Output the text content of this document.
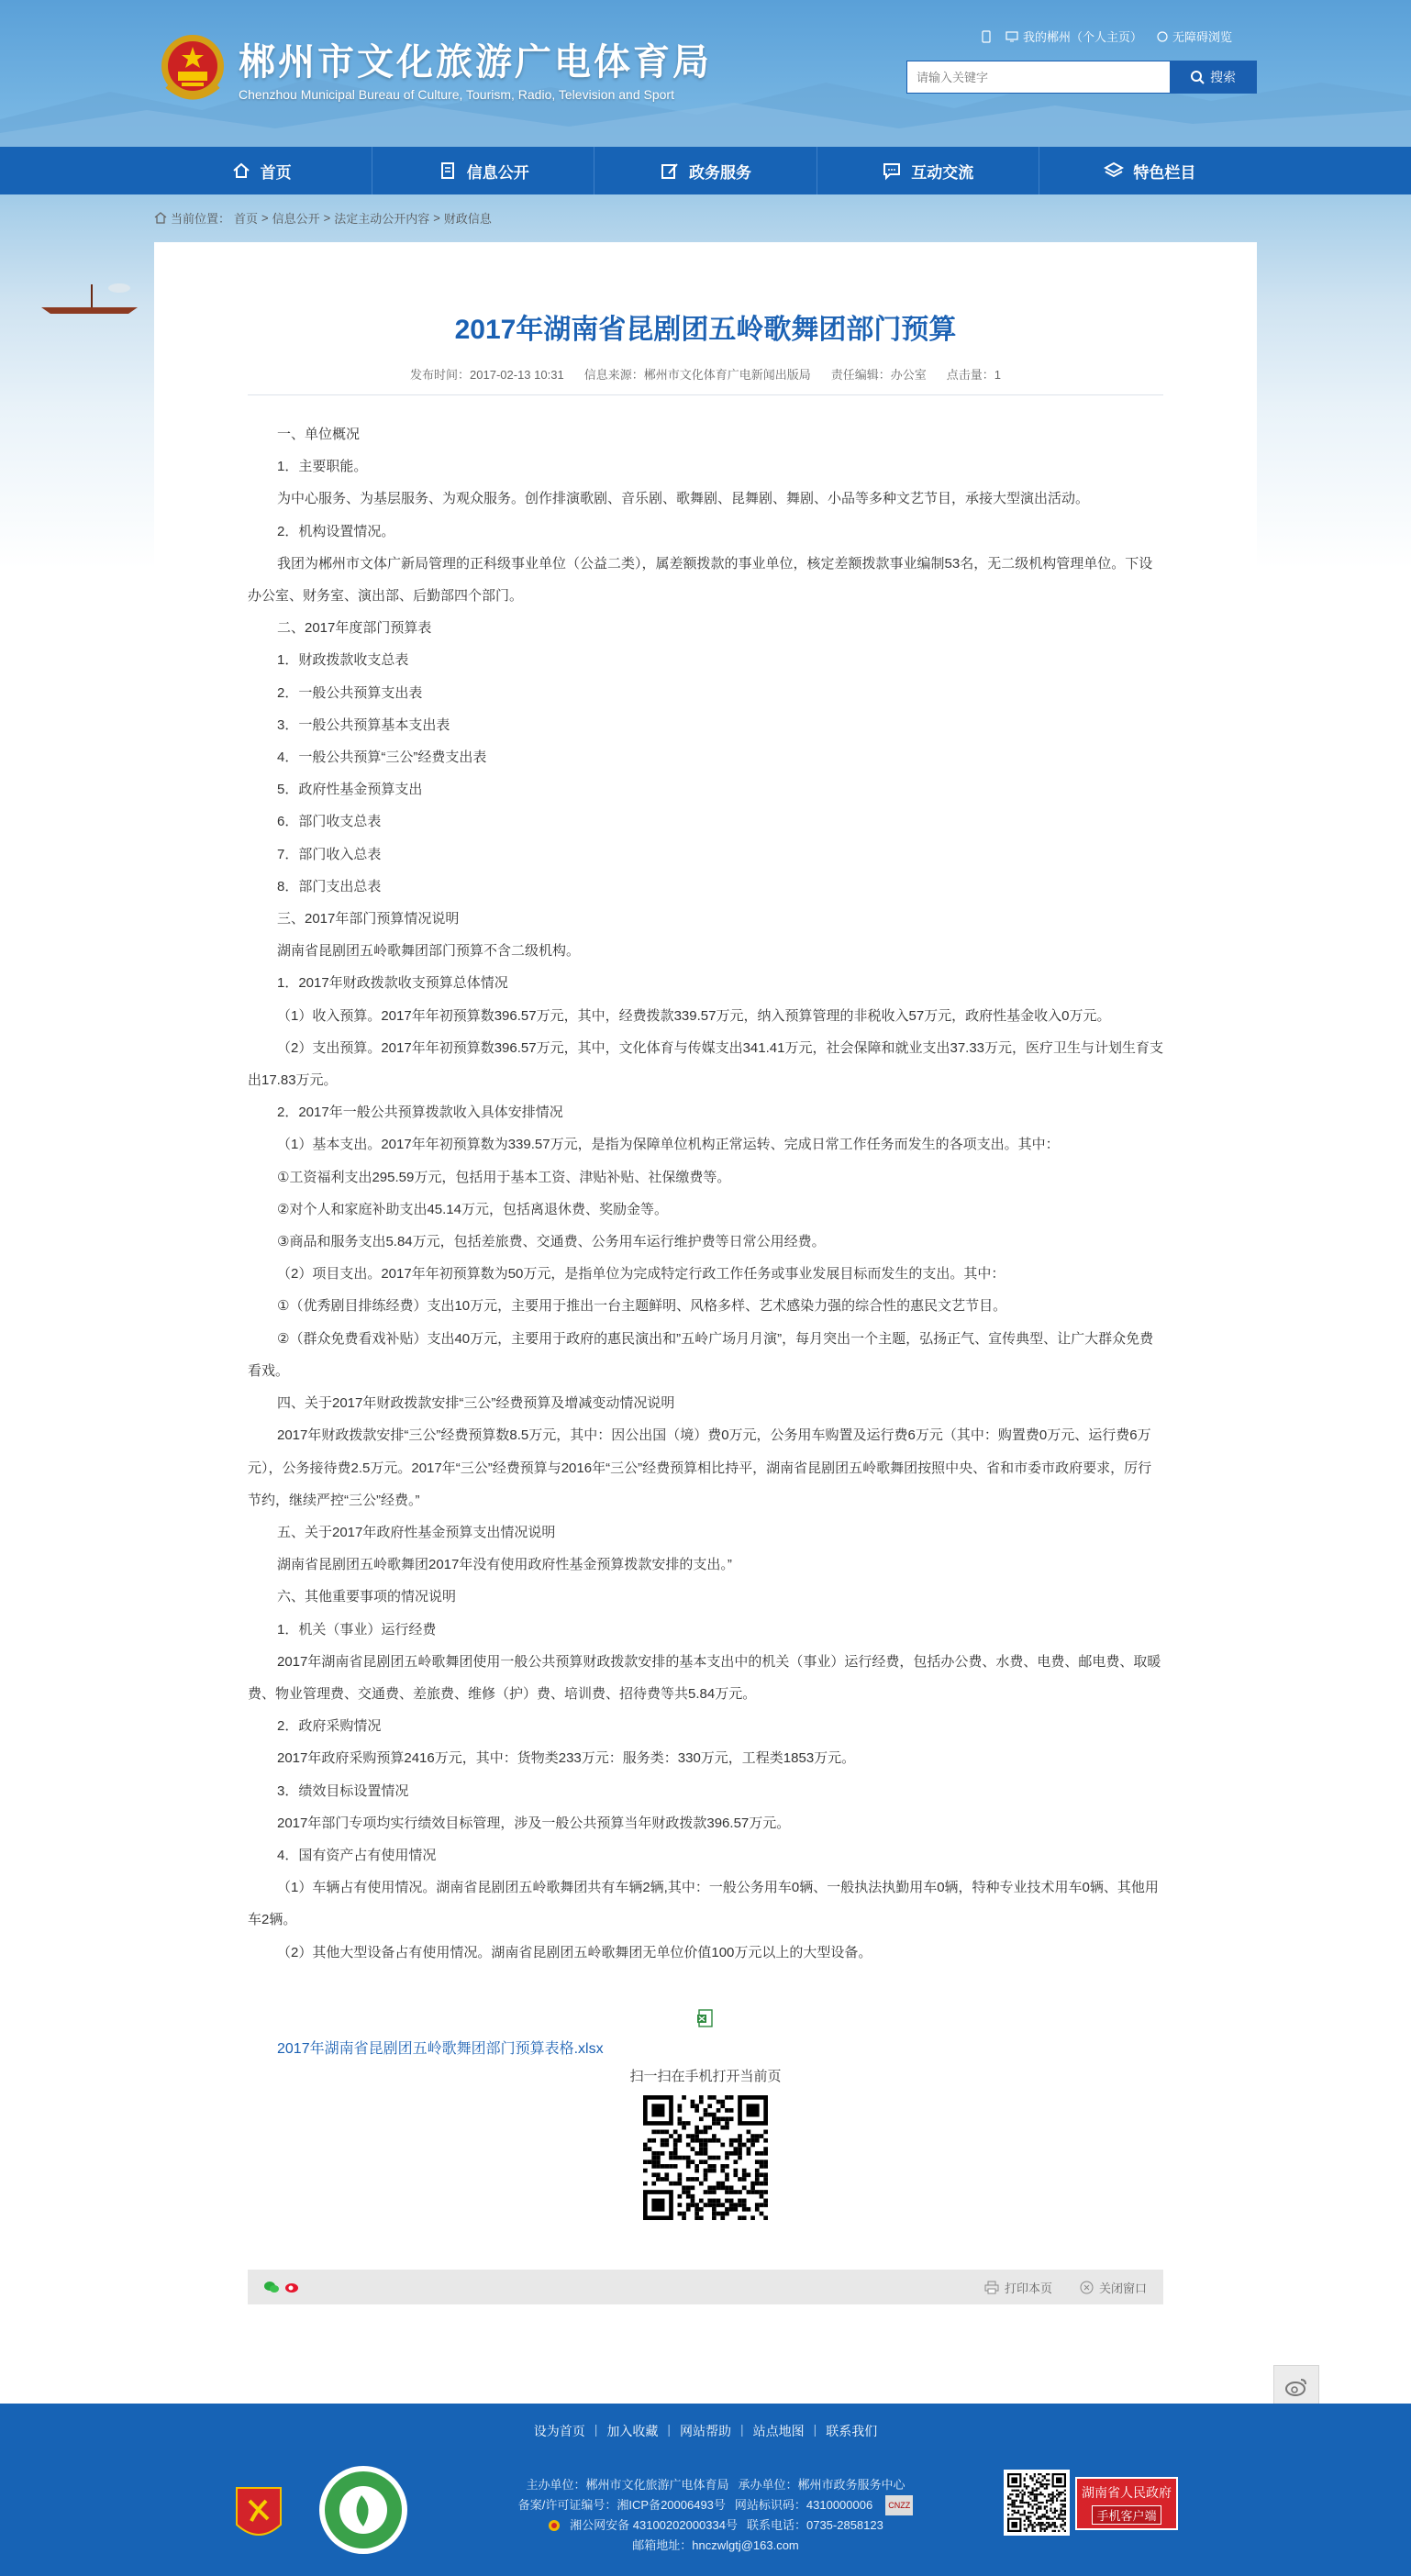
郴州市文化旅游广电体育局
Chenzhou Municipal Bureau of Culture, Tourism, Radio, Television and Sport
我的郴州（个人主页）	无障碍浏览
请输入关键字
搜索
首页	信息公开	政务服务	互动交流	特色栏目
当前位置： 首页 > 信息公开 > 法定主动公开内容 > 财政信息
2017年湖南省昆剧团五岭歌舞团部门预算
发布时间：2017-02-13 10:31 信息来源：郴州市文化体育广电新闻出版局 责任编辑：办公室 点击量：1

一、单位概况

1．主要职能。

为中心服务、为基层服务、为观众服务。创作排演歌剧、音乐剧、歌舞剧、昆舞剧、舞剧、小品等多种文艺节目，承接大型演出活动。

2．机构设置情况。

我团为郴州市文体广新局管理的正科级事业单位（公益二类），属差额拨款的事业单位，核定差额拨款事业编制53名，无二级机构管理单位。下设办公室、财务室、演出部、后勤部四个部门。

二、2017年度部门预算表

1．财政拨款收支总表

2．一般公共预算支出表

3．一般公共预算基本支出表

4．一般公共预算“三公”经费支出表

5．政府性基金预算支出

6．部门收支总表

7．部门收入总表

8．部门支出总表

三、2017年部门预算情况说明

湖南省昆剧团五岭歌舞团部门预算不含二级机构。

1．2017年财政拨款收支预算总体情况

（1）收入预算。2017年年初预算数396.57万元，其中，经费拨款339.57万元，纳入预算管理的非税收入57万元，政府性基金收入0万元。

（2）支出预算。2017年年初预算数396.57万元，其中，文化体育与传媒支出341.41万元，社会保障和就业支出37.33万元，医疗卫生与计划生育支出17.83万元。

2．2017年一般公共预算拨款收入具体安排情况

（1）基本支出。2017年年初预算数为339.57万元，是指为保障单位机构正常运转、完成日常工作任务而发生的各项支出。其中：

①工资福利支出295.59万元，包括用于基本工资、津贴补贴、社保缴费等。

②对个人和家庭补助支出45.14万元，包括离退休费、奖励金等。

③商品和服务支出5.84万元，包括差旅费、交通费、公务用车运行维护费等日常公用经费。

（2）项目支出。2017年年初预算数为50万元，是指单位为完成特定行政工作任务或事业发展目标而发生的支出。其中：

①（优秀剧目排练经费）支出10万元，主要用于推出一台主题鲜明、风格多样、艺术感染力强的综合性的惠民文艺节目。

②（群众免费看戏补贴）支出40万元，主要用于政府的惠民演出和”五岭广场月月演”，每月突出一个主题，弘扬正气、宣传典型、让广大群众免费看戏。

四、关于2017年财政拨款安排“三公”经费预算及增减变动情况说明

2017年财政拨款安排“三公”经费预算数8.5万元，其中：因公出国（境）费0万元，公务用车购置及运行费6万元（其中：购置费0万元、运行费6万元），公务接待费2.5万元。2017年“三公”经费预算与2016年“三公”经费预算相比持平，湖南省昆剧团五岭歌舞团按照中央、省和市委市政府要求，厉行节约，继续严控“三公”经费。”

五、关于2017年政府性基金预算支出情况说明

湖南省昆剧团五岭歌舞团2017年没有使用政府性基金预算拨款安排的支出。”

六、其他重要事项的情况说明

1．机关（事业）运行经费

2017年湖南省昆剧团五岭歌舞团使用一般公共预算财政拨款安排的基本支出中的机关（事业）运行经费，包括办公费、水费、电费、邮电费、取暖费、物业管理费、交通费、差旅费、维修（护）费、培训费、招待费等共5.84万元。

2．政府采购情况

2017年政府采购预算2416万元，其中：货物类233万元：服务类：330万元，工程类1853万元。

3．绩效目标设置情况

2017年部门专项均实行绩效目标管理，涉及一般公共预算当年财政拨款396.57万元。

4．国有资产占有使用情况

（1）车辆占有使用情况。湖南省昆剧团五岭歌舞团共有车辆2辆,其中：一般公务用车0辆、一般执法执勤用车0辆，特种专业技术用车0辆、其他用车2辆。

（2）其他大型设备占有使用情况。湖南省昆剧团五岭歌舞团无单位价值100万元以上的大型设备。

2017年湖南省昆剧团五岭歌舞团部门预算表格.xlsx
扫一扫在手机打开当前页
打印本页	关闭窗口
设为首页 | 加入收藏 | 网站帮助 | 站点地图 | 联系我们
主办单位：郴州市文化旅游广电体育局 承办单位：郴州市政务服务中心
备案/许可证编号：湘ICP备20006493号 网站标识码：4310000006	CNZZ
湘公网安备 43100202000334号 联系电话：0735-2858123
邮箱地址：hnczwlgtj@163.com
湖南省人民政府
手机客户端
